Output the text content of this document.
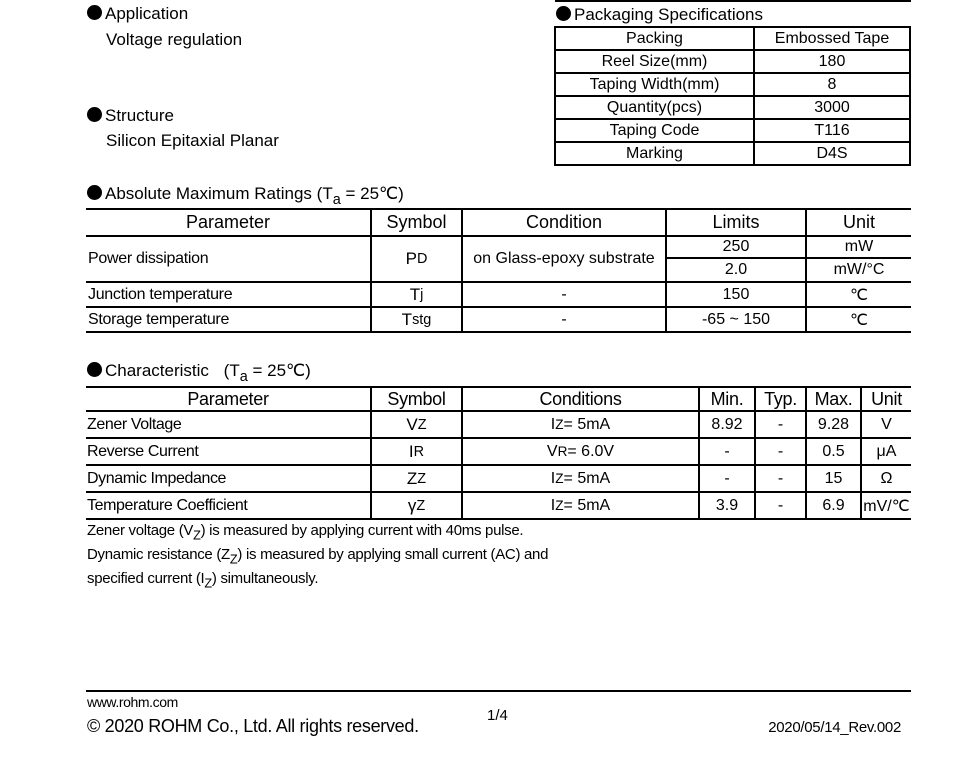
Application
Voltage regulation
Structure
Silicon Epitaxial Planar
Packaging Specifications
Packing	Embossed Tape
Reel Size(mm)	180
Taping Width(mm)	8
Quantity(pcs)	3000
Taping Code	T116
Marking	D4S
Absolute Maximum Ratings ($T_a$ = 25℃)
Parameter	Symbol	Condition	Limits	Unit
Power dissipation	P D	on Glass-epoxy substrate
250	mW
2.0	mW/°C
Junction temperature	T j	-	150	℃
Storage temperature	T stg	-	-65 ~ 150	℃
Characteristic ($T_a$ = 25℃)
Parameter	Symbol	Conditions	Min. Typ. Max. Unit
Zener Voltage	V Z	I Z = 5mA	8.92 - 9.28 V
Reverse Current	I R	V R = 6.0V	-	- 0.5 μA
Dynamic Impedance	Z Z	I Z = 5mA	-	-	15 Ω
Temperature Coefficient	γ Z	I Z = 5mA	3.9 - 6.9 mV/℃
Zener voltage $(V_Z)$ is measured by applying current with 40ms pulse.
Dynamic resistance $(Z_Z)$ is measured by applying small current (AC) and
specified current $(I_Z)$ simultaneously.
www.rohm.com
© 2020 ROHM Co., Ltd. All rights reserved.
1/4
2020/05/14_Rev.002
